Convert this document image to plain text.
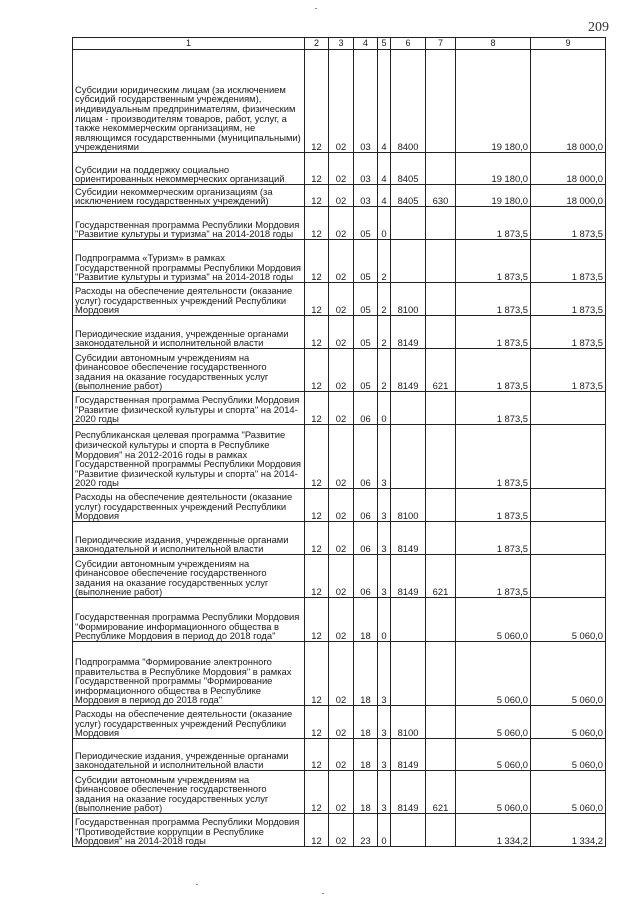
209
1	2	3	4	5	6	7	8	9
Субсидии юридическим лицам (за исключением субсидий государственным учреждениям), индивидуальным предпринимателям, физическим лицам - производителям товаров, работ, услуг, а также некоммерческим организациям, не являющимся государственными (муниципальными) учреждениями	12	02	03	4	8400		19 180,0	18 000,0
Субсидии на поддержку социально ориентированных некоммерческих организаций	12	02	03	4	8405		19 180,0	18 000,0
Субсидии некоммерческим организациям (за исключением государственных учреждений)	12	02	03	4	8405	630	19 180,0	18 000,0
Государственная программа Республики Мордовия "Развитие культуры и туризма" на 2014-2018 годы	12	02	05	0			1 873,5	1 873,5
Подпрограмма «Туризм» в рамках Государственной программы Республики Мордовия "Развитие культуры и туризма" на 2014-2018 годы	12	02	05	2			1 873,5	1 873,5
Расходы на обеспечение деятельности (оказание услуг) государственных учреждений Республики Мордовия	12	02	05	2	8100		1 873,5	1 873,5
Периодические издания, учрежденные органами законодательной и исполнительной власти	12	02	05	2	8149		1 873,5	1 873,5
Субсидии автономным учреждениям на финансовое обеспечение государственного задания на оказание государственных услуг (выполнение работ)	12	02	05	2	8149	621	1 873,5	1 873,5
Государственная программа Республики Мордовия "Развитие физической культуры и спорта" на 2014-2020 годы	12	02	06	0			1 873,5	
Республиканская целевая программа "Развитие физической культуры и спорта в Республике Мордовия" на 2012-2016 годы в рамках Государственной программы Республики Мордовия "Развитие физической культуры и спорта" на 2014-2020 годы	12	02	06	3			1 873,5	
Расходы на обеспечение деятельности (оказание услуг) государственных учреждений Республики Мордовия	12	02	06	3	8100		1 873,5	
Периодические издания, учрежденные органами законодательной и исполнительной власти	12	02	06	3	8149		1 873,5	
Субсидии автономным учреждениям на финансовое обеспечение государственного задания на оказание государственных услуг (выполнение работ)	12	02	06	3	8149	621	1 873,5	
Государственная программа Республики Мордовия "Формирование информационного общества в Республике Мордовия в период до 2018 года"	12	02	18	0			5 060,0	5 060,0
Подпрограмма "Формирование электронного правительства в Республике Мордовия" в рамках Государственной программы "Формирование информационного общества в Республике Мордовия в период до 2018 года"	12	02	18	3			5 060,0	5 060,0
Расходы на обеспечение деятельности (оказание услуг) государственных учреждений Республики Мордовия	12	02	18	3	8100		5 060,0	5 060,0
Периодические издания, учрежденные органами законодательной и исполнительной власти	12	02	18	3	8149		5 060,0	5 060,0
Субсидии автономным учреждениям на финансовое обеспечение государственного задания на оказание государственных услуг (выполнение работ)	12	02	18	3	8149	621	5 060,0	5 060,0
Государственная программа Республики Мордовия "Противодействие коррупции в Республике Мордовия" на 2014-2018 годы	12	02	23	0			1 334,2	1 334,2
